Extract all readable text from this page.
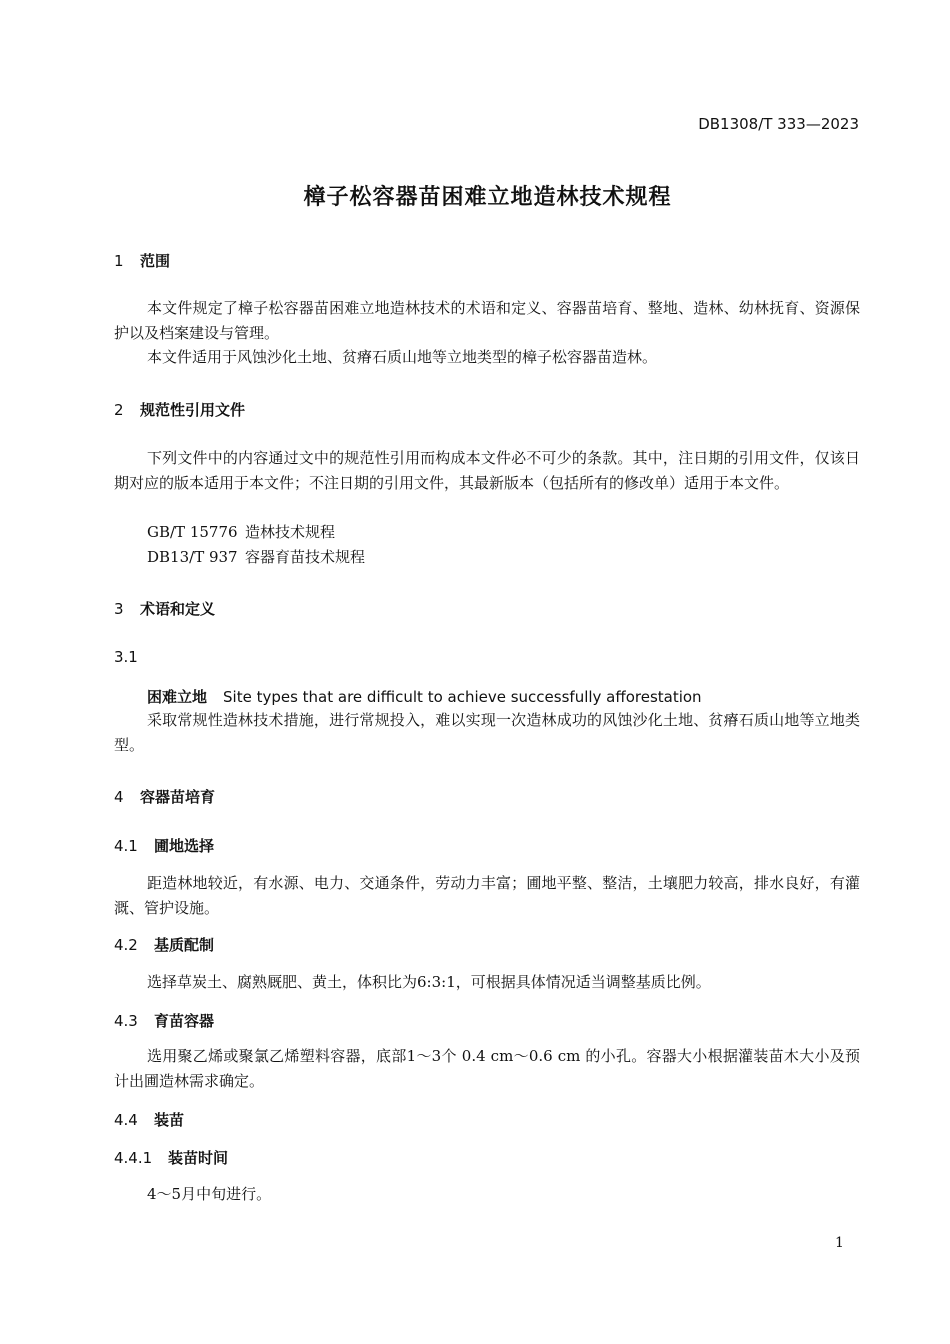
DB1308/T 333—2023
樟子松容器苗困难立地造林技术规程
1 范围
本文件规定了樟子松容器苗困难立地造林技术的术语和定义、容器苗培育、整地、造林、幼林抚育、资源保护以及档案建设与管理。
本文件适用于风蚀沙化土地、贫瘠石质山地等立地类型的樟子松容器苗造林。
2 规范性引用文件
下列文件中的内容通过文中的规范性引用而构成本文件必不可少的条款。其中，注日期的引用文件，仅该日期对应的版本适用于本文件；不注日期的引用文件，其最新版本（包括所有的修改单）适用于本文件。
GB/T 15776 造林技术规程
DB13/T 937 容器育苗技术规程
3 术语和定义
3.1
困难立地 Site types that are difficult to achieve successfully afforestation
采取常规性造林技术措施，进行常规投入，难以实现一次造林成功的风蚀沙化土地、贫瘠石质山地等立地类型。
4 容器苗培育
4.1 圃地选择
距造林地较近，有水源、电力、交通条件，劳动力丰富；圃地平整、整洁，土壤肥力较高，排水良好，有灌溉、管护设施。
4.2 基质配制
选择草炭土、腐熟厩肥、黄土，体积比为6:3:1，可根据具体情况适当调整基质比例。
4.3 育苗容器
选用聚乙烯或聚氯乙烯塑料容器，底部1～3个 0.4 cm～0.6 cm 的小孔。容器大小根据灌装苗木大小及预计出圃造林需求确定。
4.4 装苗
4.4.1 装苗时间
4～5月中旬进行。
1
